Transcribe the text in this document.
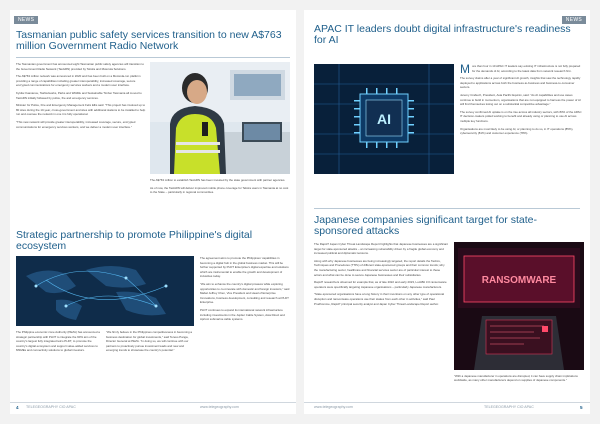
NEWS
Tasmanian public safety services transition to new A$763 million Government Radio Network

The Tasmanian government has announced eight Tasmanian public safety agencies will transition to the Government Radio Network (TasGRN) provided by Telstra and Motorola Solutions.

The A$763 million network was announced in 2020 and has been built on a Motorola-run platform providing a range of capabilities including greater interoperability, increased coverage, secure encrypted communications for emergency services workers and a modern user interface.

Kyidia Ouananou, TasNetworks, Parks and Wildlife and Sustainable Timber Tasmania all moved to TasGRN initially followed by police, fire and emergency services.

Minister for Police, Fire and Emergency Management Felix Ellis said: "This project has involved up to 80 sites during the 10-year, cross-government and sites with additional stations to be installed to help run and oversee the network in one it is fully operational.

"This new network will provide greater interoperability, increased coverage, secure, encrypted communications for emergency services workers, and we deliver a modern user interface."

The A$763 million to establish TasGRN has been invested by the state government with partner agencies.

As of now, the TasGRN will deliver improved mobile phone coverage for Telstra users in Tasmania at no cost to the State – particularly in regional communities.

Strategic partnership to promote Philippine's digital ecosystem

The agreement aims to promote the Philippines' capabilities in becoming a digital hub in the global business market. This will be further supported by PLDT Enterprise's digital expertise and solutions which are instrumental to enable the growth and development of industries today.

"We aim to enhance the country's digital prowess while exploring opportunities to co-innovate with domestic and foreign investors," said Mabel Jeffrey Chen, Vice President and Head of Enterprise Innovations, business development, consulting and research at PLDT Enterprise.

PLDT continues to expand its international network infrastructure including investments in the Jupiter Cable System, Asia Direct and Apricot submarine cable systems.

The Philippine economic zone Authority (PEZA) has announced a strategic partnership with PLDT to integrate the 90% aim of the country's largest fully integrated telco PLDT, to promote the country's digital ecosystem and support value-added services to MSMEs and connectivity solutions to global investors.

"We firmly believe in the Philippines competitiveness in becoming a business destination for global investments," said Tereso Panga, Director General at PEZA. "In doing so, we will continue with our partners to proactively pursue investment leads and new and emerging trends to showcase the country's potential."

4 TELEGEOGRAPHY CIO APAC	www.telegeography.com
NEWS
APAC IT leaders doubt digital infrastructure's readiness for AI
AI
M ore than four in 10 APAC IT leaders say existing IT infrastructure is not fully prepared for the demands of AI, according to the latest data from network research firm.

The survey claims after a year of significant AI growth, insights that saw the technology rapidly deployed to applications across both the business-to-business and business-to-consumer sectors.

Jeremy Crabuch, President, Asia Pacific Equinix, said: "As AI capabilities and use cases continue to build in momentum, organisations that are not equipped to harness the power of AI will find themselves losing out on a substantial competitive advantage."

The survey confirmed AI uptake is on the rise across all industry sectors, with 83% of the APAC IT decision-makers polled working to benefit and already using or planning to use AI across multiple key functions.

Organisations are most likely to be using AI, or planning to do so, in IT operations (85%), cybersecurity (81%) and customer experience (78%).

Japanese companies significant target for state-sponsored attacks

The Rapid7 Japan Cyber Threat Landscape Report highlights that Japanese businesses are a significant target for state-sponsored attacks – an increasing vulnerability driven by a fragile global economy and increased political and diplomatic tensions.

Along with why Japanese businesses are being increasingly targeted, the report details the Tactics, Techniques and Procedures (TTPs) of different state-sponsored groups and their common trends; why the manufacturing sector, healthcare and financial services sector are of particular interest to these actors and what can be done to secure Japanese businesses and their subsidiaries.

Rapid7 researchers observed for example that, as of late 2022 and early 2023, LockBit 3.0 ransomware operators were specifically targeting Japanese organisations – particularly Japanese manufacturers.

"State-sponsored organisations have a long history in their inventions on any other type of operational disruption and ransomware operations use their stakes from each other in activities," said Paul Prudhomme, Rapid7 principal security analyst and Japan Cyber Threat Landscape Report author.

RANSOMWARE
"With a Japanese manufacturer in operations are disrupted, it can have supply chain implications worldwide, as many other manufacturers depend on supplies of Japanese components."
www.telegeography.com	TELEGEOGRAPHY CIO APAC	5
